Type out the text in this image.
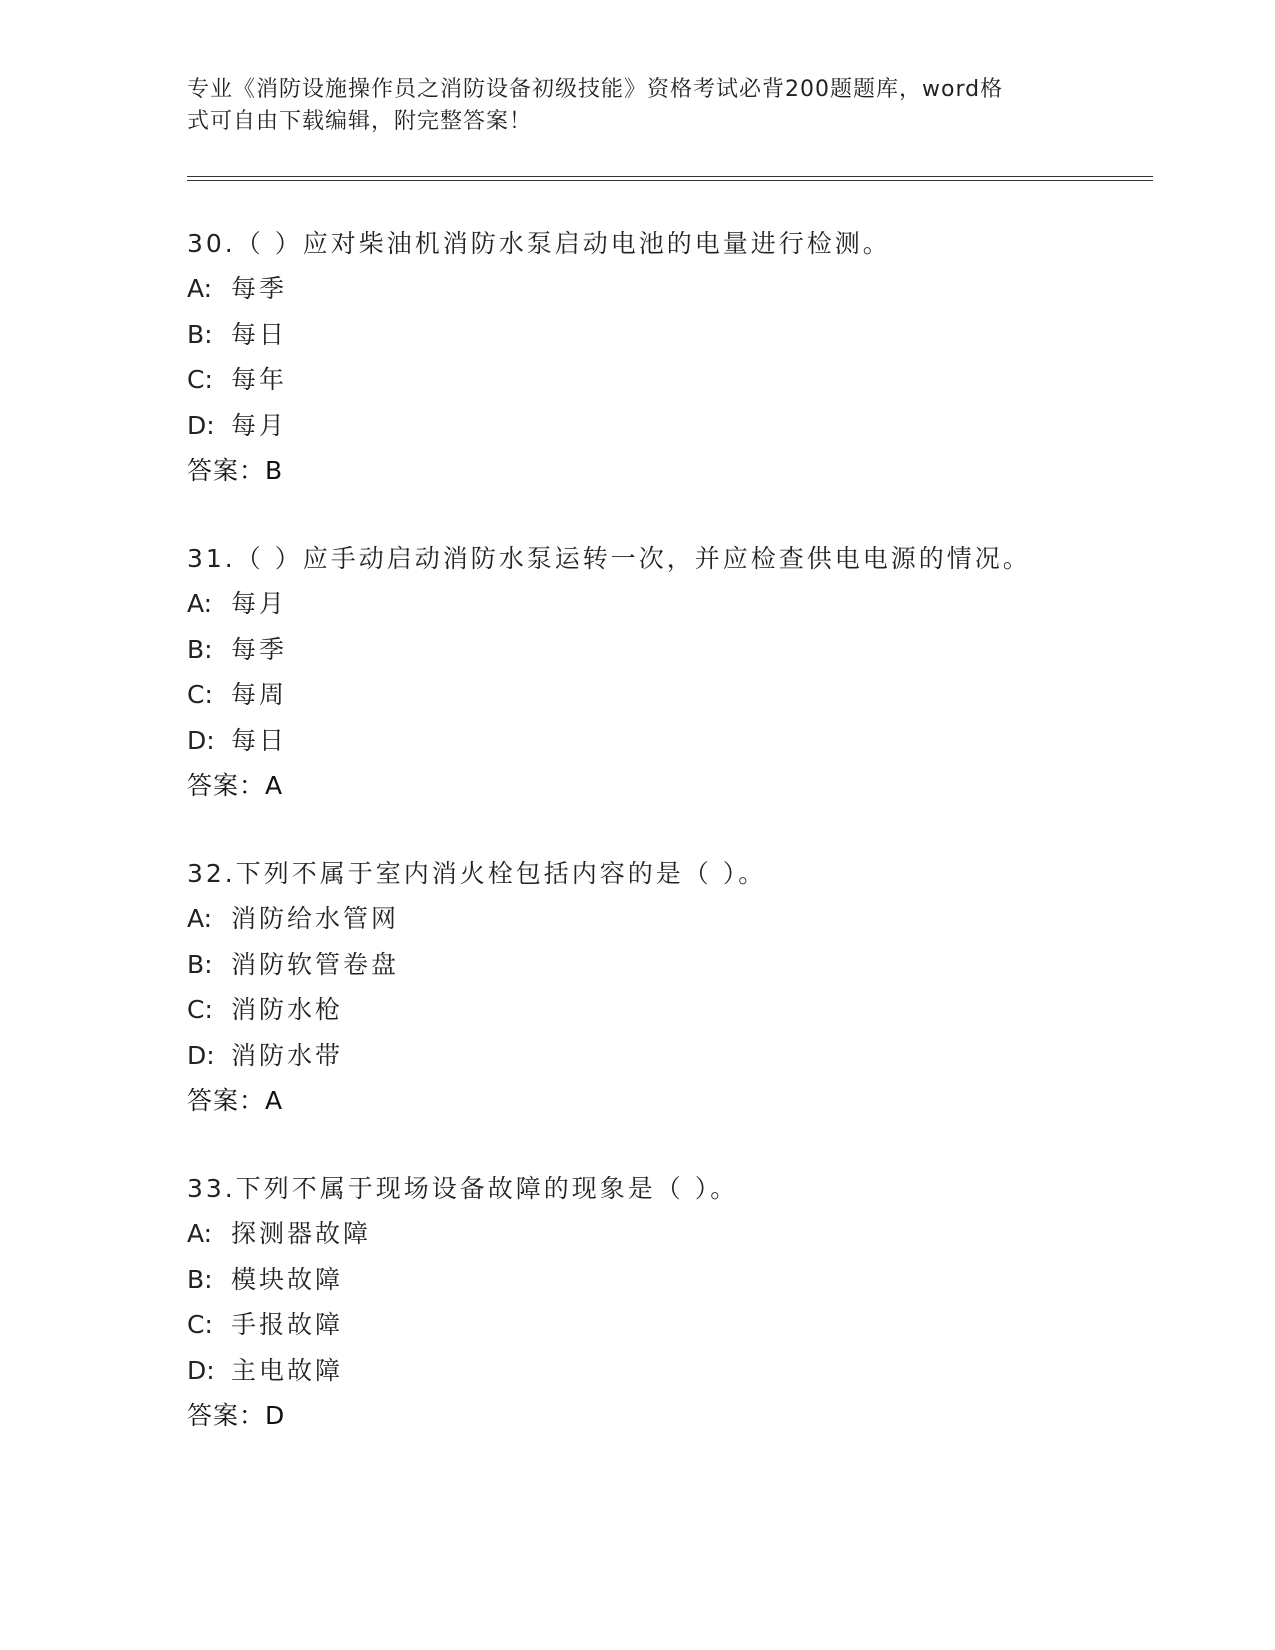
专业《消防设施操作员之消防设备初级技能》资格考试必背200题题库，word格
式可自由下载编辑，附完整答案！
30.（ ）应对柴油机消防水泵启动电池的电量进行检测。
A: 每季
B: 每日
C: 每年
D: 每月
答案：B
31.（ ）应手动启动消防水泵运转一次，并应检查供电电源的情况。
A: 每月
B: 每季
C: 每周
D: 每日
答案：A
32.下列不属于室内消火栓包括内容的是（ ）。
A: 消防给水管网
B: 消防软管卷盘
C: 消防水枪
D: 消防水带
答案：A
33.下列不属于现场设备故障的现象是（ ）。
A: 探测器故障
B: 模块故障
C: 手报故障
D: 主电故障
答案：D
